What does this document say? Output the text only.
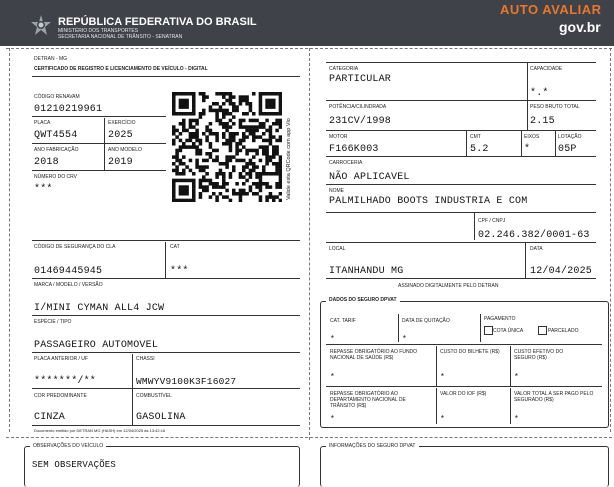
REPÚBLICA FEDERATIVA DO BRASIL
MINISTÉRIO DOS TRANSPORTES
SECRETARIA NACIONAL DE TRÂNSITO - SENATRAN
AUTO AVALIAR
gov.br
DETRAN - MG
CERTIFICADO DE REGISTRO E LICENCIAMENTO DE VEÍCULO - DIGITAL
CÓDIGO RENAVAM
01210219961
PLACA
QWT4554
EXERCÍCIO
2025
ANO FABRICAÇÃO
2018
ANO MODELO
2019
NÚMERO DO CRV
***	Valide esta QRCode com app Vio
CÓDIGO DE SEGURANÇA DO CLA
01469445945
CAT
***
MARCA / MODELO / VERSÃO
I/MINI CYMAN ALL4 JCW
ESPÉCIE / TIPO
PASSAGEIRO AUTOMOVEL
PLACA ANTERIOR / UF
*******/**
CHASSI
WMWYV9100K3F16027
COR PREDOMINANTE
CINZA
COMBUSTÍVEL
GASOLINA
Documento emitido por DETRAN MG (HASH) em 12/04/2025 às 13:42:16
CATEGORIA
PARTICULAR
CAPACIDADE
*.*
POTÊNCIA/CILINDRADA
231CV/1998
PESO BRUTO TOTAL
2.15
MOTOR
F166K003
CMT
5.2
EIXOS
*
LOTAÇÃO
05P
CARROCERIA
NÃO APLICAVEL
NOME
PALMILHADO BOOTS INDUSTRIA E COM
CPF / CNPJ
02.246.382/0001-63
LOCAL
ITANHANDU MG
DATA
12/04/2025
ASSINADO DIGITALMENTE PELO DETRAN
DADOS DO SEGURO DPVAT
CAT. TARIF
*
DATA DE QUITAÇÃO
*
PAGAMENTO
COTA ÚNICA	PARCELADO
REPASSE OBRIGATÓRIO AO FUNDO NACIONAL DE SAÚDE (R$)
*
CUSTO DO BILHETE (R$)
*
CUSTO EFETIVO DO SEGURO (R$)
*
REPASSE OBRIGATÓRIO AO DEPARTAMENTO NACIONAL DE TRÂNSITO (R$)
*
VALOR DO IOF (R$)
*
VALOR TOTAL A SER PAGO PELO SEGURADO (R$)
*
OBSERVAÇÕES DO VEÍCULO
SEM OBSERVAÇÕES
INFORMAÇÕES DO SEGURO DPVAT
